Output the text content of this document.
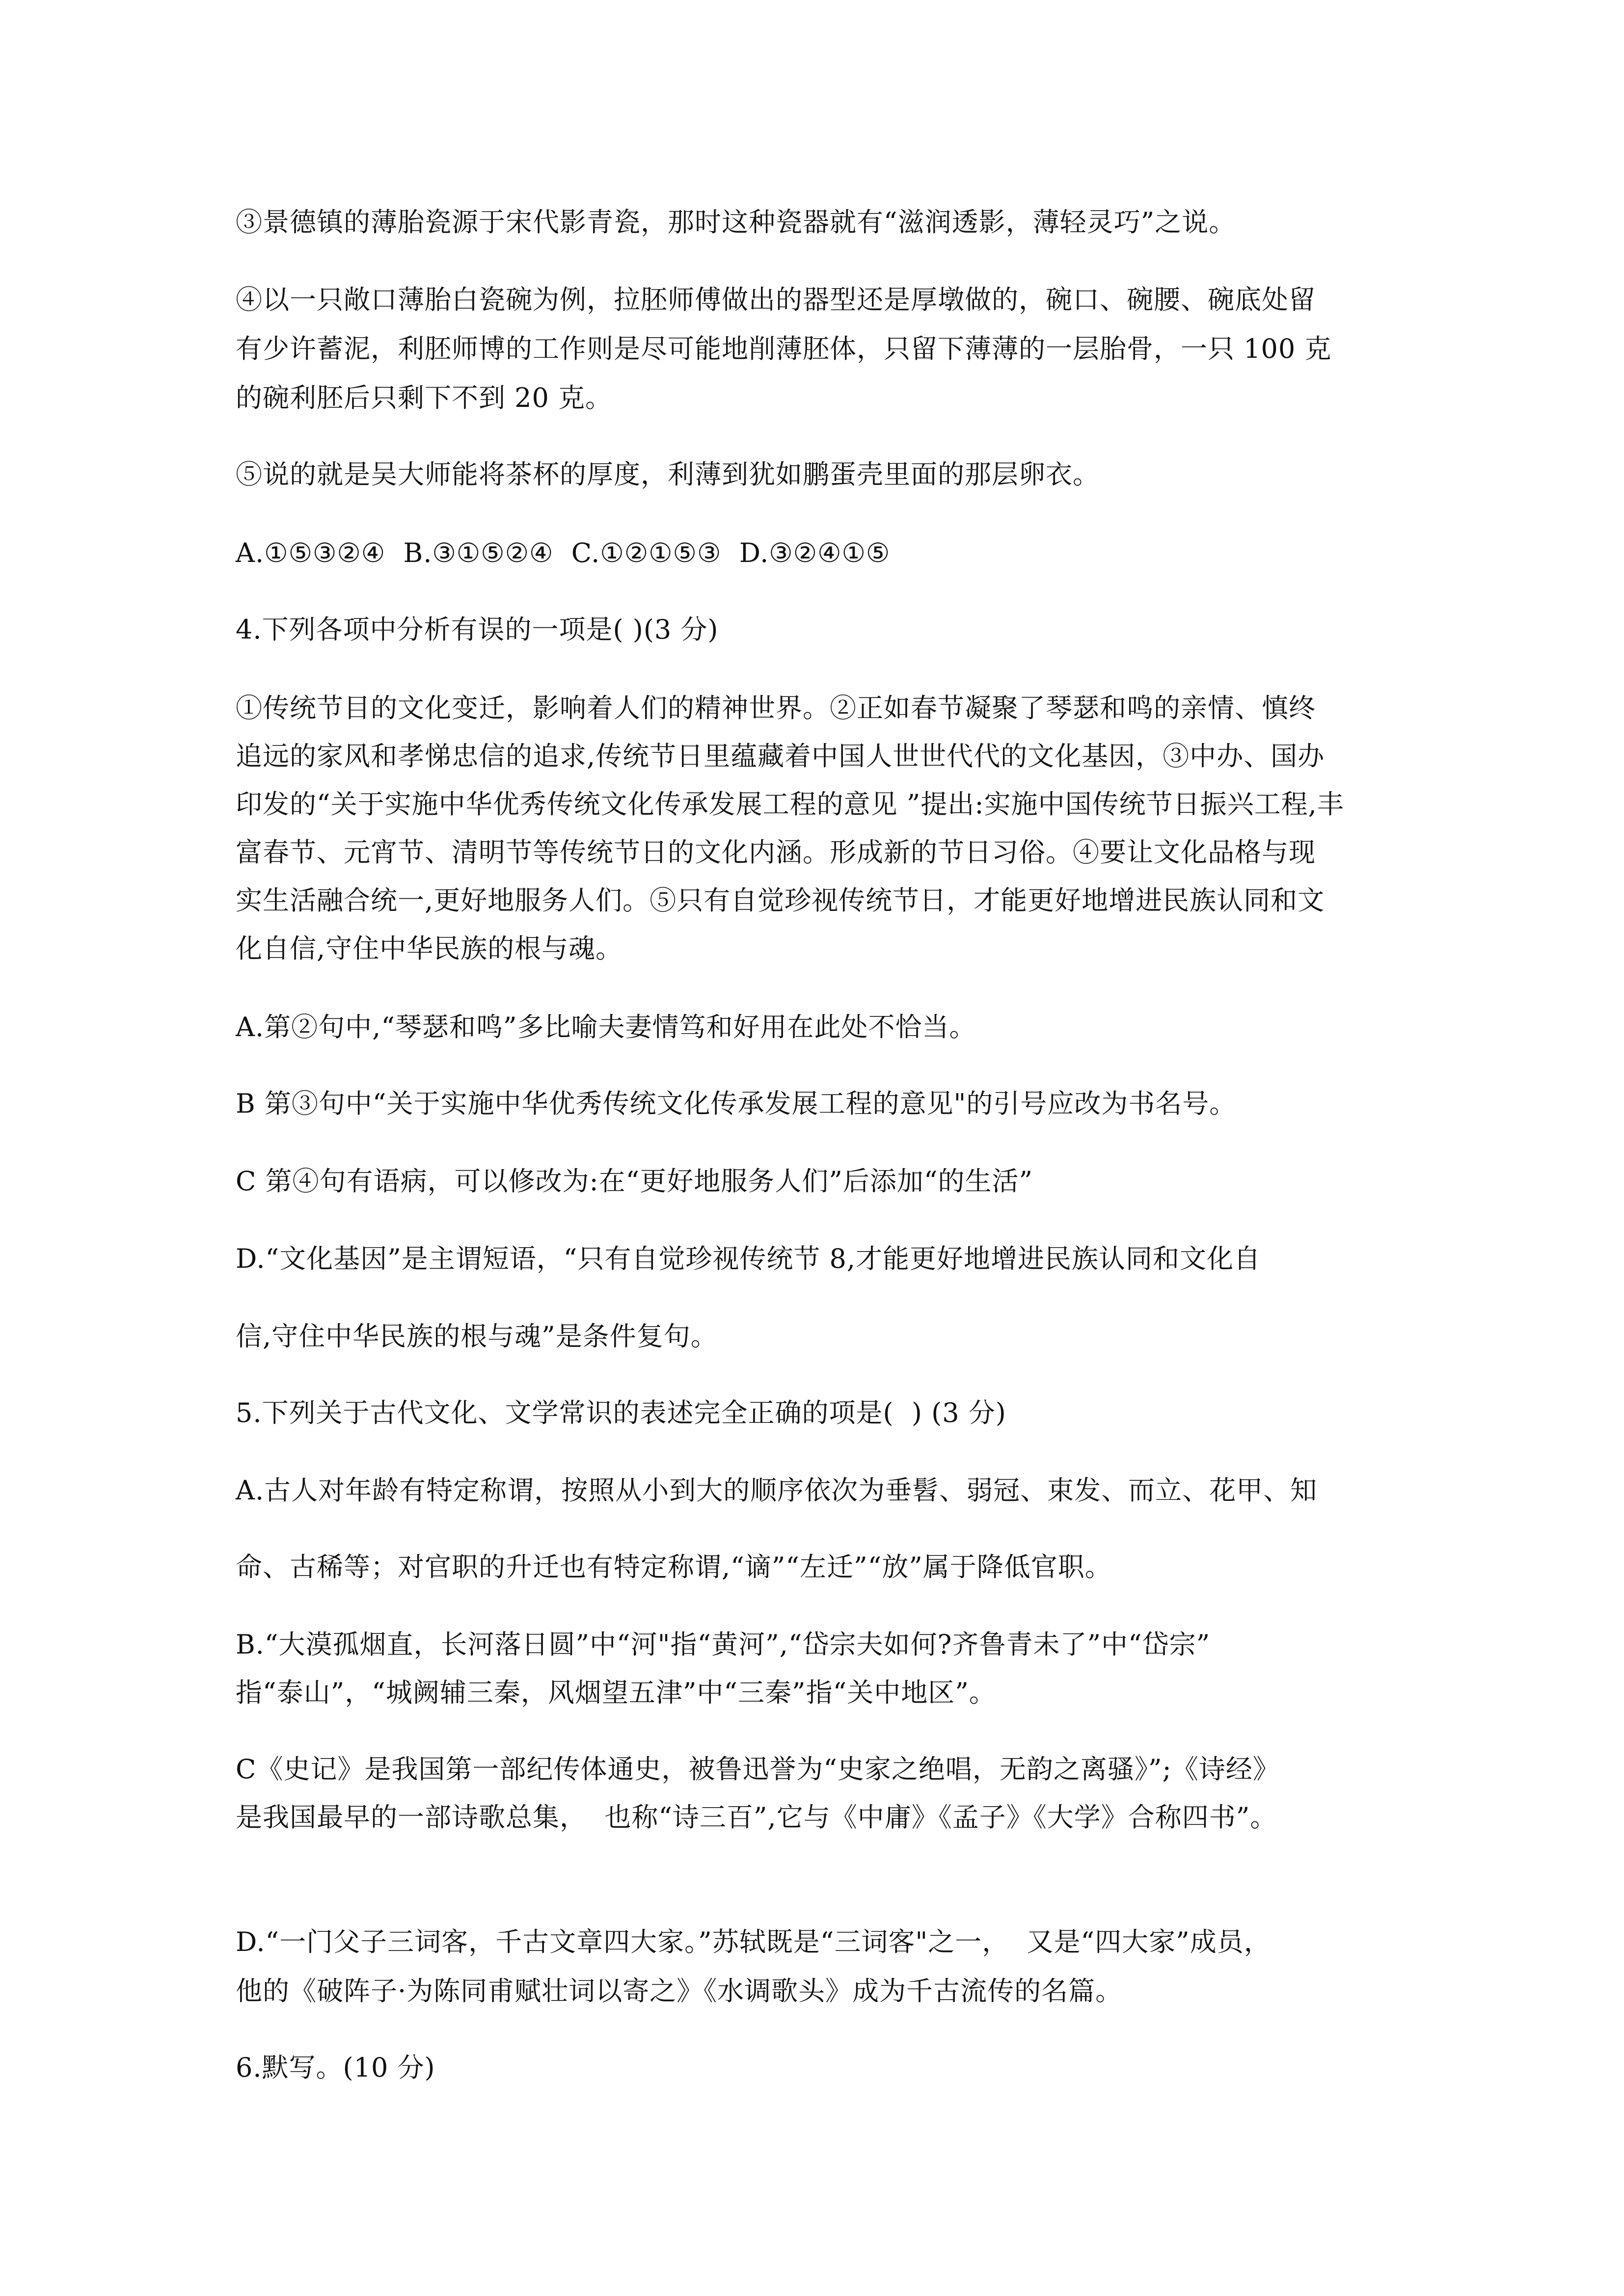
③景德镇的薄胎瓷源于宋代影青瓷，那时这种瓷器就有“滋润透影，薄轻灵巧”之说。
④以一只敞口薄胎白瓷碗为例，拉胚师傅做出的器型还是厚墩做的，碗口、碗腰、碗底处留
有少许蓄泥，利胚师博的工作则是尽可能地削薄胚体，只留下薄薄的一层胎骨，一只 100 克
的碗利胚后只剩下不到 20 克。
⑤说的就是吴大师能将茶杯的厚度，利薄到犹如鹏蛋壳里面的那层卵衣。
A.①⑤③②④  B.③①⑤②④  C.①②①⑤③  D.③②④①⑤
4.下列各项中分析有误的一项是( )(3 分)
①传统节目的文化变迁，影响着人们的精神世界。②正如春节凝聚了琴瑟和鸣的亲情、慎终
追远的家风和孝悌忠信的追求,传统节日里蕴藏着中国人世世代代的文化基因，③中办、国办
印发的“关于实施中华优秀传统文化传承发展工程的意见 ”提出:实施中国传统节日振兴工程,丰
富春节、元宵节、清明节等传统节日的文化内涵。形成新的节日习俗。④要让文化品格与现
实生活融合统一,更好地服务人们。⑤只有自觉珍视传统节日，才能更好地增进民族认同和文
化自信,守住中华民族的根与魂。
A.第②句中,“琴瑟和鸣”多比喻夫妻情笃和好用在此处不恰当。
B 第③句中“关于实施中华优秀传统文化传承发展工程的意见"的引号应改为书名号。
C 第④句有语病，可以修改为:在“更好地服务人们”后添加“的生活”
D.“文化基因”是主谓短语，“只有自觉珍视传统节 8,才能更好地增进民族认同和文化自
信,守住中华民族的根与魂”是条件复句。
5.下列关于古代文化、文学常识的表述完全正确的项是(  ) (3 分)
A.古人对年龄有特定称谓，按照从小到大的顺序依次为垂髫、弱冠、束发、而立、花甲、知
命、古稀等；对官职的升迁也有特定称谓,“谪”“左迁”“放”属于降低官职。
B.“大漠孤烟直，长河落日圆”中“河"指“黄河”,“岱宗夫如何?齐鲁青未了”中“岱宗”
指“泰山”，“城阙辅三秦，风烟望五津”中“三秦”指“关中地区”。
C《史记》是我国第一部纪传体通史，被鲁迅誉为“史家之绝唱，无韵之离骚》”;《诗经》
是我国最早的一部诗歌总集，  也称“诗三百”,它与《中庸》《孟子》《大学》合称四书”。
D.“一门父子三词客，千古文章四大家。”苏轼既是“三词客"之一，  又是“四大家”成员，
他的《破阵子·为陈同甫赋壮词以寄之》《水调歌头》成为千古流传的名篇。
6.默写。(10 分)
